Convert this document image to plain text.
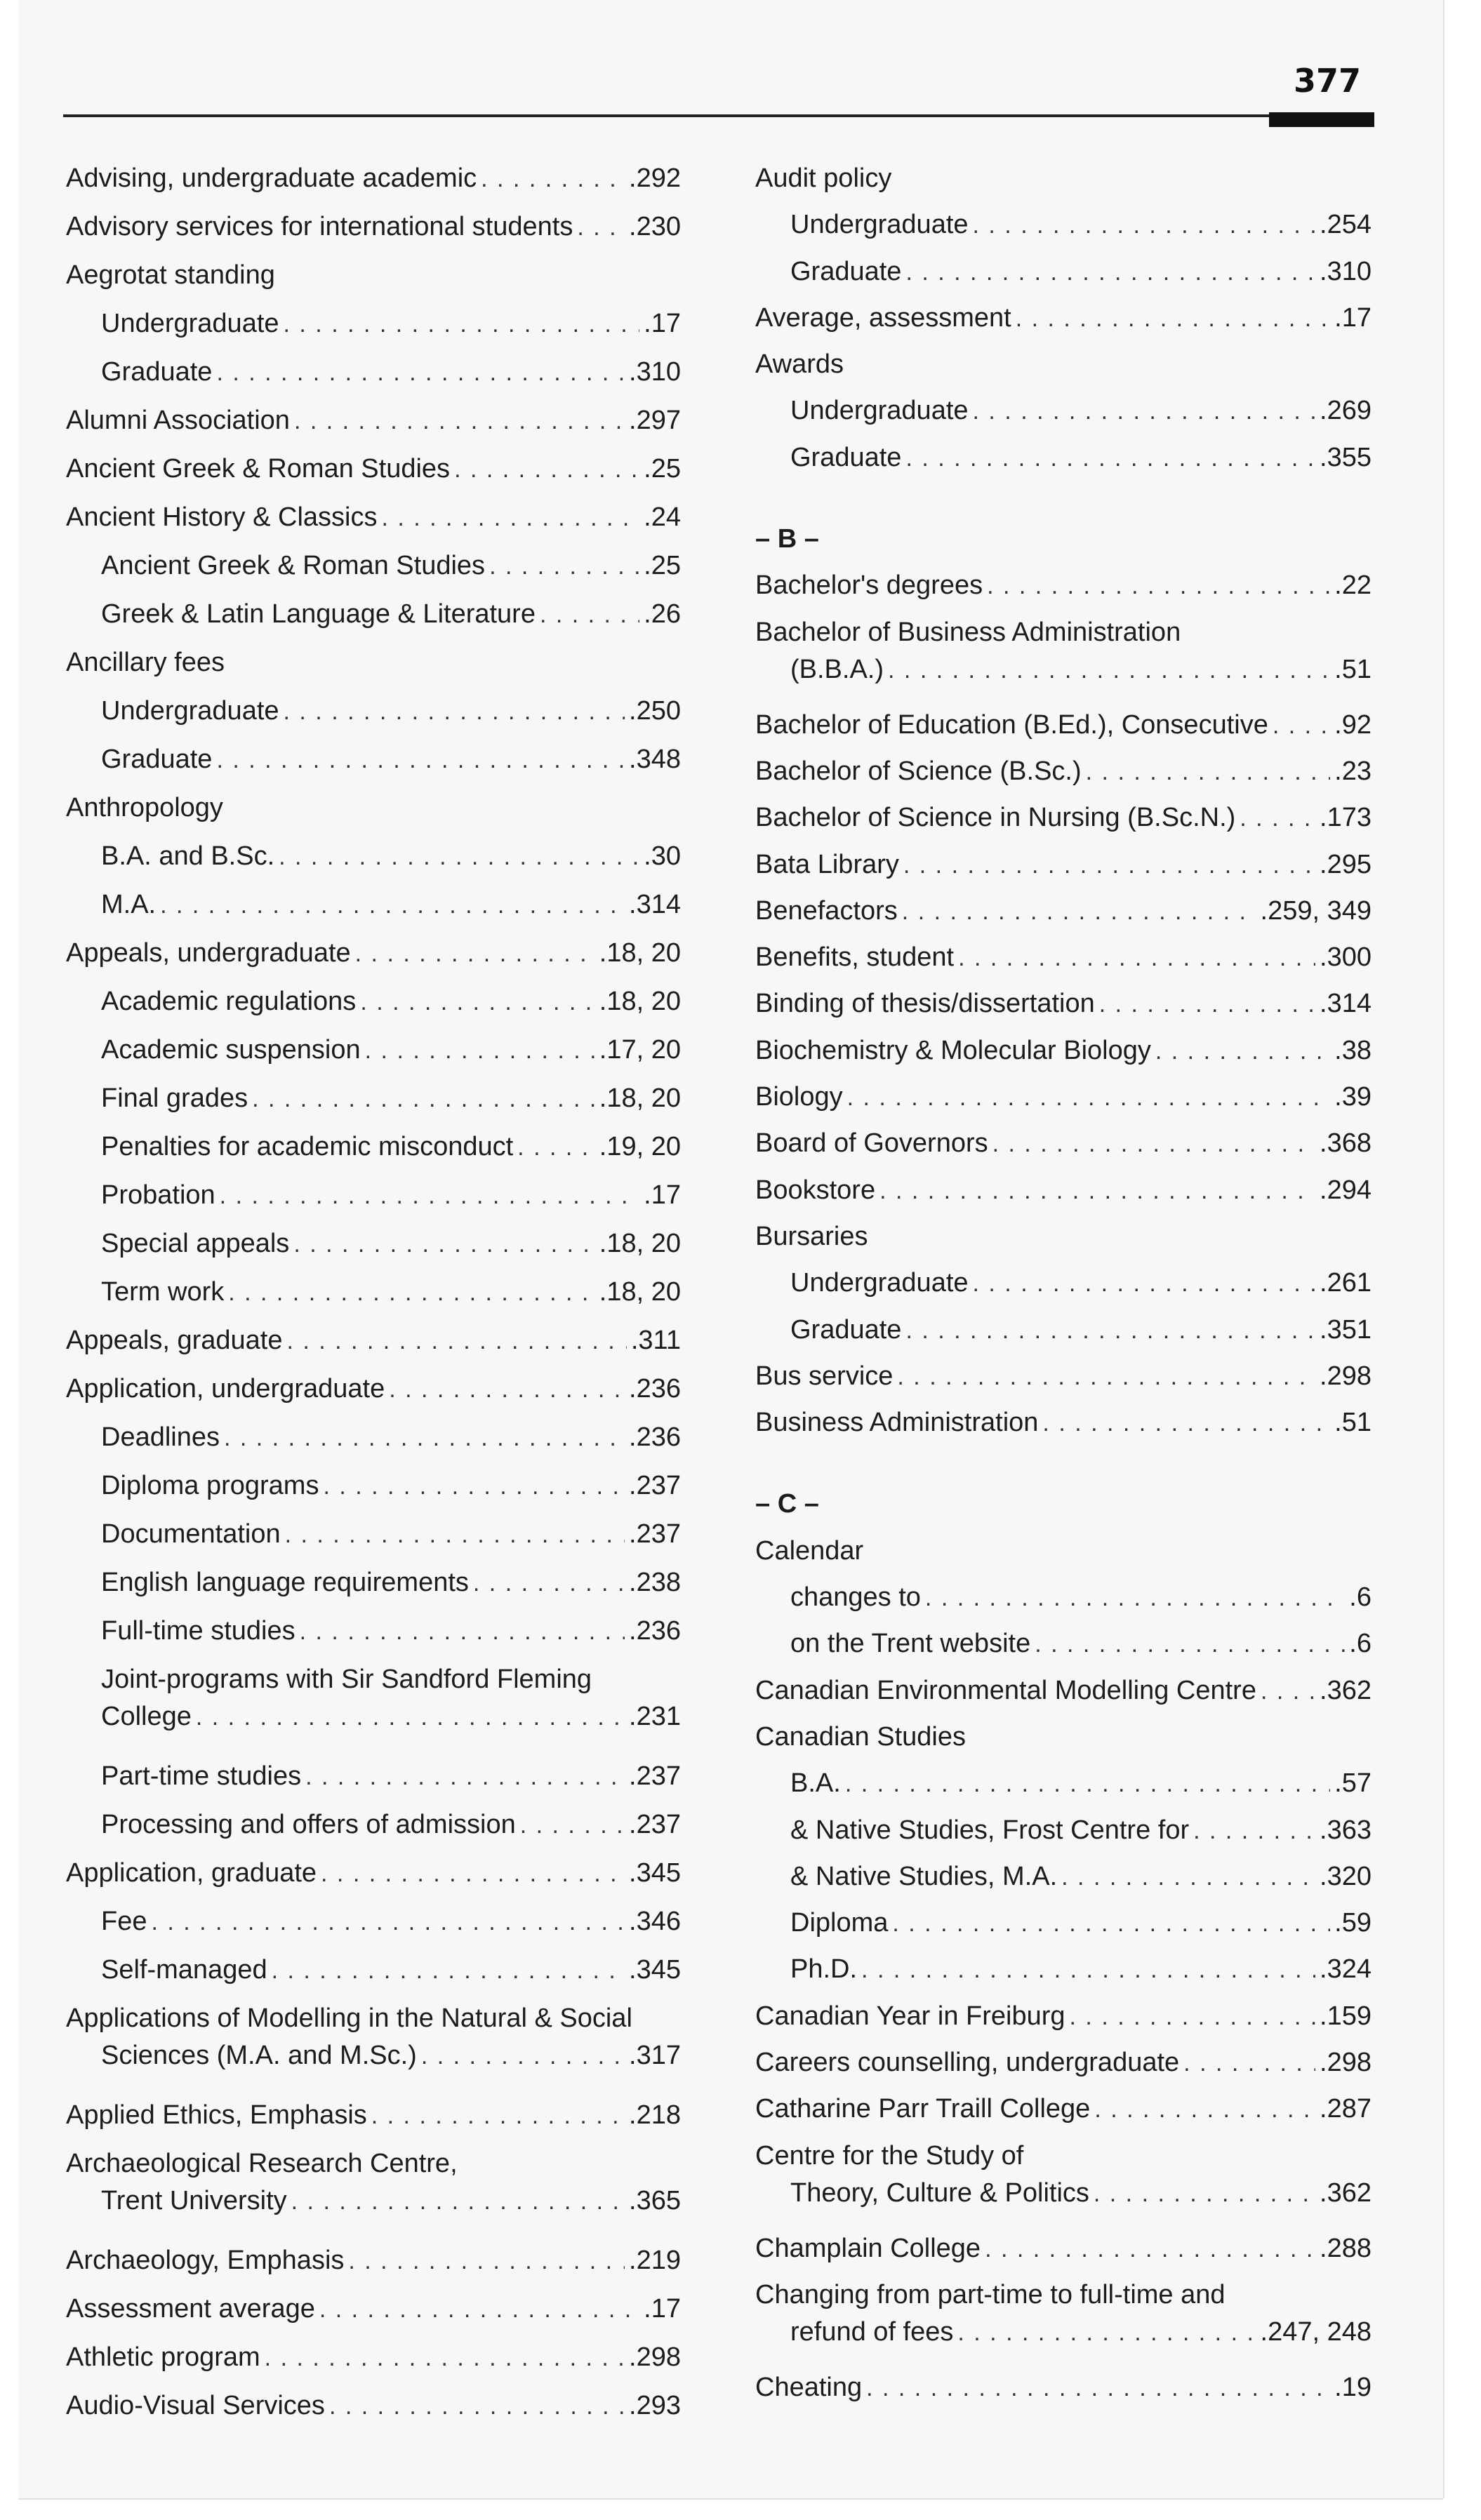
377
Advising, undergraduate academic . . .	.292
Advisory services for international students . . . .230
Aegrotat standing
Undergraduate . . .	.17
Graduate . . .	.310
Alumni Association . . .	.297
Ancient Greek & Roman Studies . . .	.25
Ancient History & Classics . . .	.24
Ancient Greek & Roman Studies . . .	.25
Greek & Latin Language & Literature . . .	.26
Ancillary fees
Undergraduate . . .	.250
Graduate . . .	.348
Anthropology
B.A. and B.Sc. . . .	.30
M.A. . . .	.314
Appeals, undergraduate . . .	.18, 20
Academic regulations . . .	.18, 20
Academic suspension . . .	.17, 20
Final grades . . .	.18, 20
Penalties for academic misconduct . . .	.19, 20
Probation . . .	.17
Special appeals . . .	.18, 20
Term work . . .	.18, 20
Appeals, graduate . . .	.311
Application, undergraduate . . .	.236
Deadlines . . .	.236
Diploma programs . . .	.237
Documentation . . .	.237
English language requirements . . .	.238
Full-time studies . . .	.236
Joint-programs with Sir Sandford Fleming
College . . .	.231
Part-time studies . . .	.237
Processing and offers of admission . . .	.237
Application, graduate . . .	.345
Fee . . .	.346
Self-managed . . .	.345
Applications of Modelling in the Natural & Social
Sciences (M.A. and M.Sc.) . . .	.317
Applied Ethics, Emphasis . . .	.218
Archaeological Research Centre,
Trent University . . .	.365
Archaeology, Emphasis . . .	.219
Assessment average . . .	.17
Athletic program . . .	.298
Audio-Visual Services . . .	.293
Audit policy
Undergraduate . . .	.254
Graduate . . .	.310
Average, assessment . . .	.17
Awards
Undergraduate . . .	.269
Graduate . . .	.355
– B –
Bachelor's degrees . . .	.22
Bachelor of Business Administration
(B.B.A.) . . .	.51
Bachelor of Education (B.Ed.), Consecutive . . . .92
Bachelor of Science (B.Sc.) . . .	.23
Bachelor of Science in Nursing (B.Sc.N.) . . .	.173
Bata Library . . .	.295
Benefactors . . .	.259, 349
Benefits, student . . .	.300
Binding of thesis/dissertation . . .	.314
Biochemistry & Molecular Biology . . .	.38
Biology . . .	.39
Board of Governors . . .	.368
Bookstore . . .	.294
Bursaries
Undergraduate . . .	.261
Graduate . . .	.351
Bus service . . .	.298
Business Administration . . .	.51
– C –
Calendar
changes to . . .	.6
on the Trent website . . .	.6
Canadian Environmental Modelling Centre . . . .362
Canadian Studies
B.A. . . .	.57
& Native Studies, Frost Centre for . . .	.363
& Native Studies, M.A. . . .	.320
Diploma . . .	.59
Ph.D. . . .	.324
Canadian Year in Freiburg . . .	.159
Careers counselling, undergraduate . . .	.298
Catharine Parr Traill College . . .	.287
Centre for the Study of
Theory, Culture & Politics . . .	.362
Champlain College . . .	.288
Changing from part-time to full-time and
refund of fees . . .	.247, 248
Cheating . . .	.19
